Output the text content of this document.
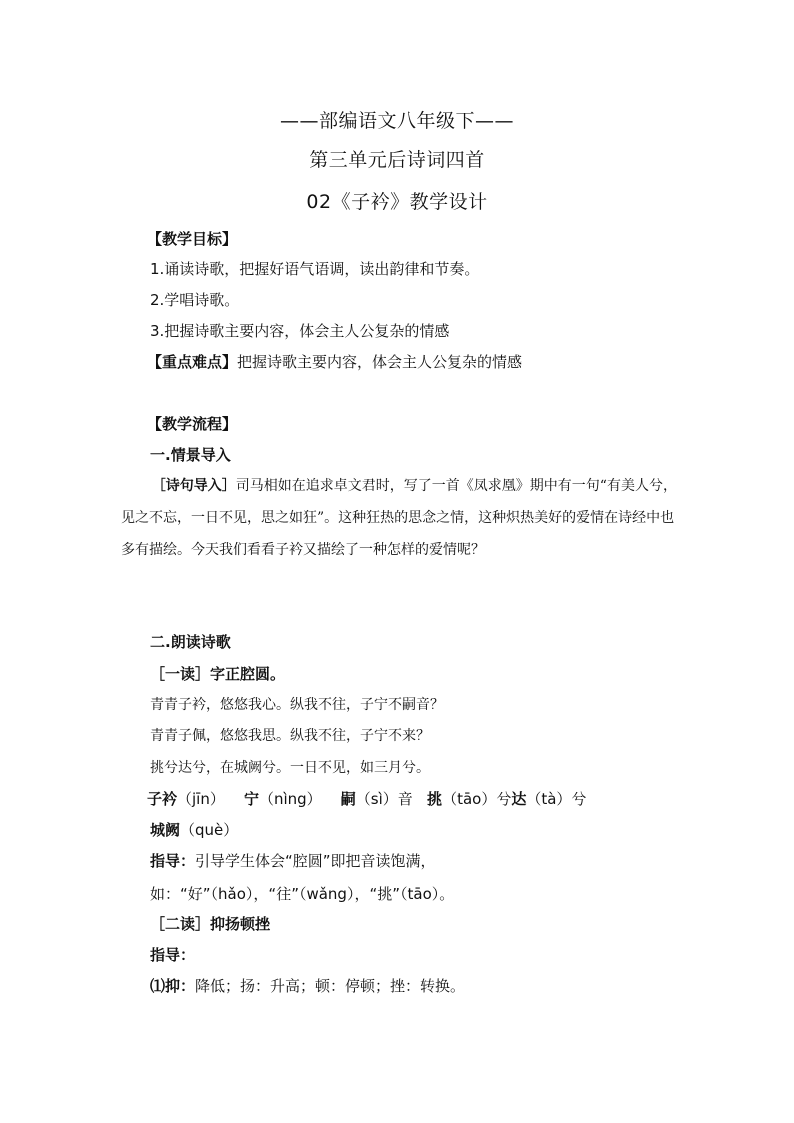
——部编语文八年级下——
第三单元后诗词四首
02《子衿》教学设计
【教学目标】
1.诵读诗歌，把握好语气语调，读出韵律和节奏。
2.学唱诗歌。
3.把握诗歌主要内容，体会主人公复杂的情感
【重点难点】把握诗歌主要内容，体会主人公复杂的情感
【教学流程】
一.情景导入
［诗句导入］司马相如在追求卓文君时，写了一首《凤求凰》期中有一句“有美人兮，见之不忘，一日不见，思之如狂”。这种狂热的思念之情，这种炽热美好的爱情在诗经中也多有描绘。今天我们看看子衿又描绘了一种怎样的爱情呢？
二.朗读诗歌
［一读］字正腔圆。
青青子衿，悠悠我心。纵我不往，子宁不嗣音？
青青子佩，悠悠我思。纵我不往，子宁不来？
挑兮达兮，在城阙兮。一日不见，如三月兮。
子衿（jīn） 宁（nìng） 嗣（sì）音 挑（tāo）兮达（tà）兮
城阙（què）
指导：引导学生体会“腔圆”即把音读饱满，如：“好”（hǎo），“往”（wǎng），“挑”（tāo）。
［二读］抑扬顿挫
指导：
⑴抑：降低；扬：升高；顿：停顿；挫：转换。
